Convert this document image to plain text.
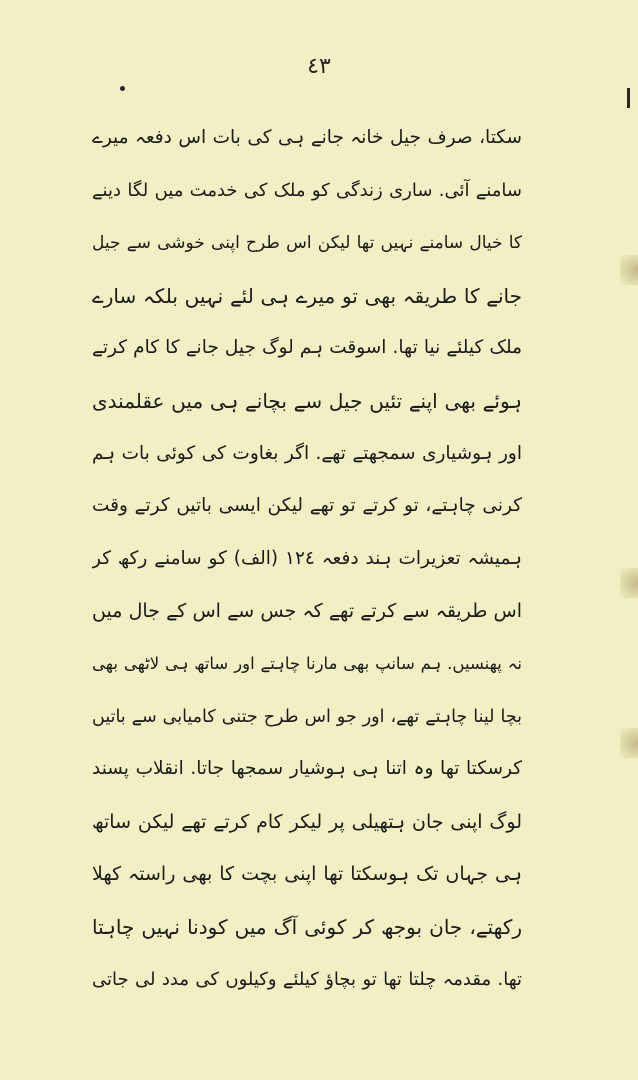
٤٣
سکتا، صرف جیل خانہ جانے ہی کی بات اس دفعہ میرے
سامنے آئی. ساری زندگی کو ملک کی خدمت میں لگا دینے
کا خیال سامنے نہیں تھا لیکن اس طرح اپنی خوشی سے جیل
جانے کا طریقہ بھی تو میرے ہی لئے نہیں بلکہ سارے
ملک کیلئے نیا تھا. اسوقت ہم لوگ جیل جانے کا کام کرتے
ہوئے بھی اپنے تئیں جیل سے بچانے ہی میں عقلمندی
اور ہوشیاری سمجھتے تھے. اگر بغاوت کی کوئی بات ہم
کرنی چاہتے، تو کرتے تو تھے لیکن ایسی باتیں کرتے وقت
ہمیشہ تعزیرات ہند دفعہ ١٢٤ (الف) کو سامنے رکھ کر
اس طریقہ سے کرتے تھے کہ جس سے اس کے جال میں
نہ پھنسیں. ہم سانپ بھی مارنا چاہتے اور ساتھ ہی لاٹھی بھی
بچا لینا چاہتے تھے، اور جو اس طرح جتنی کامیابی سے باتیں
کرسکتا تھا وہ اتنا ہی ہوشیار سمجھا جاتا. انقلاب پسند
لوگ اپنی جان ہتھیلی پر لیکر کام کرتے تھے لیکن ساتھ
ہی جہاں تک ہوسکتا تھا اپنی بچت کا بھی راستہ کھلا
رکھتے، جان بوجھ کر کوئی آگ میں کودنا نہیں چاہتا
تھا. مقدمہ چلتا تھا تو بچاؤ کیلئے وکیلوں کی مدد لی جاتی
